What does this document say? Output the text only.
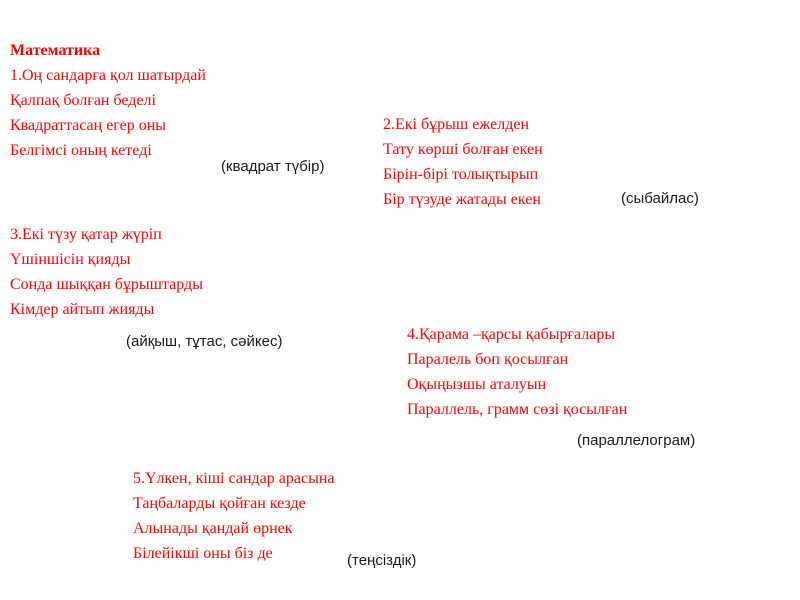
Математика
1.Оң сандарға қол шатырдай
Қалпақ болған беделі
Квадраттасаң егер оны
Белгімсі оның кетеді
(квадрат түбір)
2.Екі бұрыш ежелден
Тату көрші болған екен
Бірін-бірі толықтырып
Бір түзуде жатады екен	(сыбайлас)
3.Екі түзу қатар жүріп
Үшіншісін қияды
Сонда шыққан бұрыштарды
Кімдер айтып жияды
(айқыш, тұтас, сәйкес)	4.Қарама –қарсы қабырғалары
Паралель боп қосылған
Оқыңызшы аталуын
Параллель, грамм сөзі қосылған
(параллелограм)
5.Үлкен, кіші сандар арасына
Таңбаларды қойған кезде
Алынады қандай өрнек
Білейікші оны біз де	(теңсіздік)
